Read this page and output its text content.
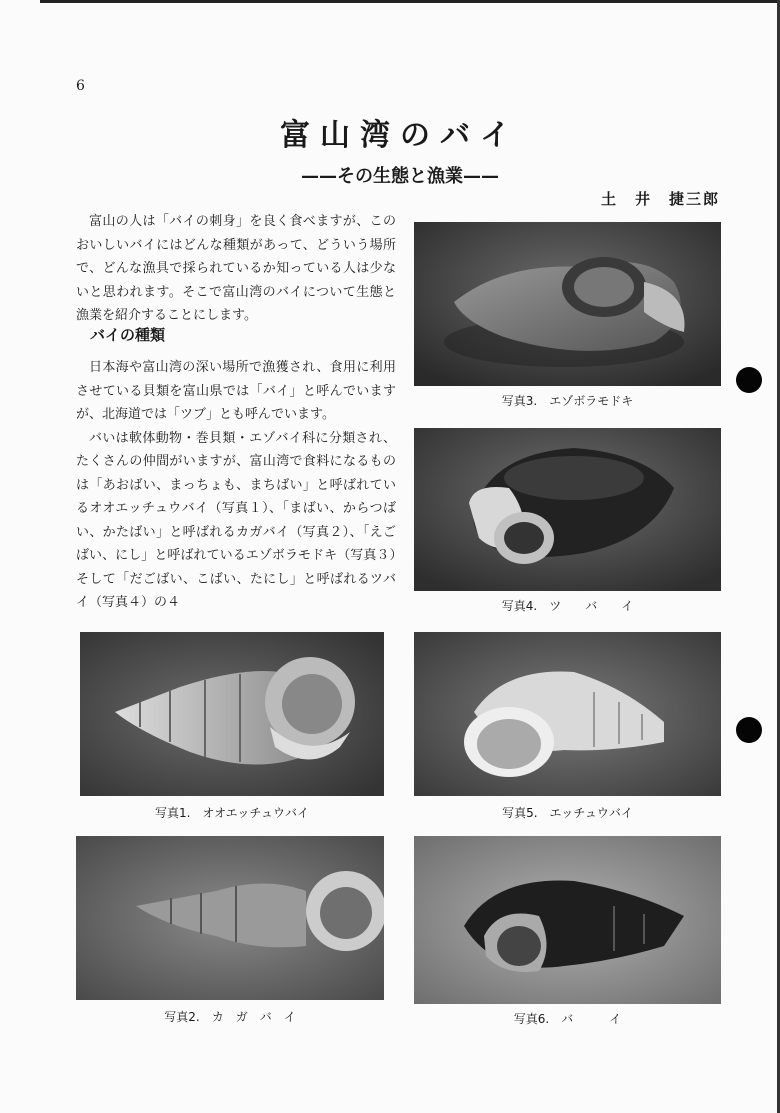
6
富山湾のバイ
——その生態と漁業——
土　井　捷三郎

富山の人は「バイの刺身」を良く食べますが、このおいしいバイにはどんな種類があって、どういう場所で、どんな漁具で採られているか知っている人は少ないと思われます。そこで富山湾のバイについて生態と漁業を紹介することにします。

バイの種類

日本海や富山湾の深い場所で漁獲され、食用に利用させている貝類を富山県では「バイ」と呼んでいますが、北海道では「ツブ」とも呼んでいます。

バいは軟体動物・巻貝類・エゾバイ科に分類され、たくさんの仲間がいますが、富山湾で食料になるものは「あおばい、まっちょも、まちばい」と呼ばれているオオエッチュウバイ（写真１）、「まばい、からつばい、かたばい」と呼ばれるカガバイ（写真２）、「えごばい、にし」と呼ばれているエゾボラモドキ（写真３）そして「だごばい、こばい、たにし」と呼ばれるツバイ（写真４）の４

写真3.　エゾボラモドキ
写真4.　ツ　　バ　　イ
写真1.　オオエッチュウバイ	写真5.　エッチュウバイ
写真2.　カ　ガ　バ　イ	写真6.　バ　　　イ
